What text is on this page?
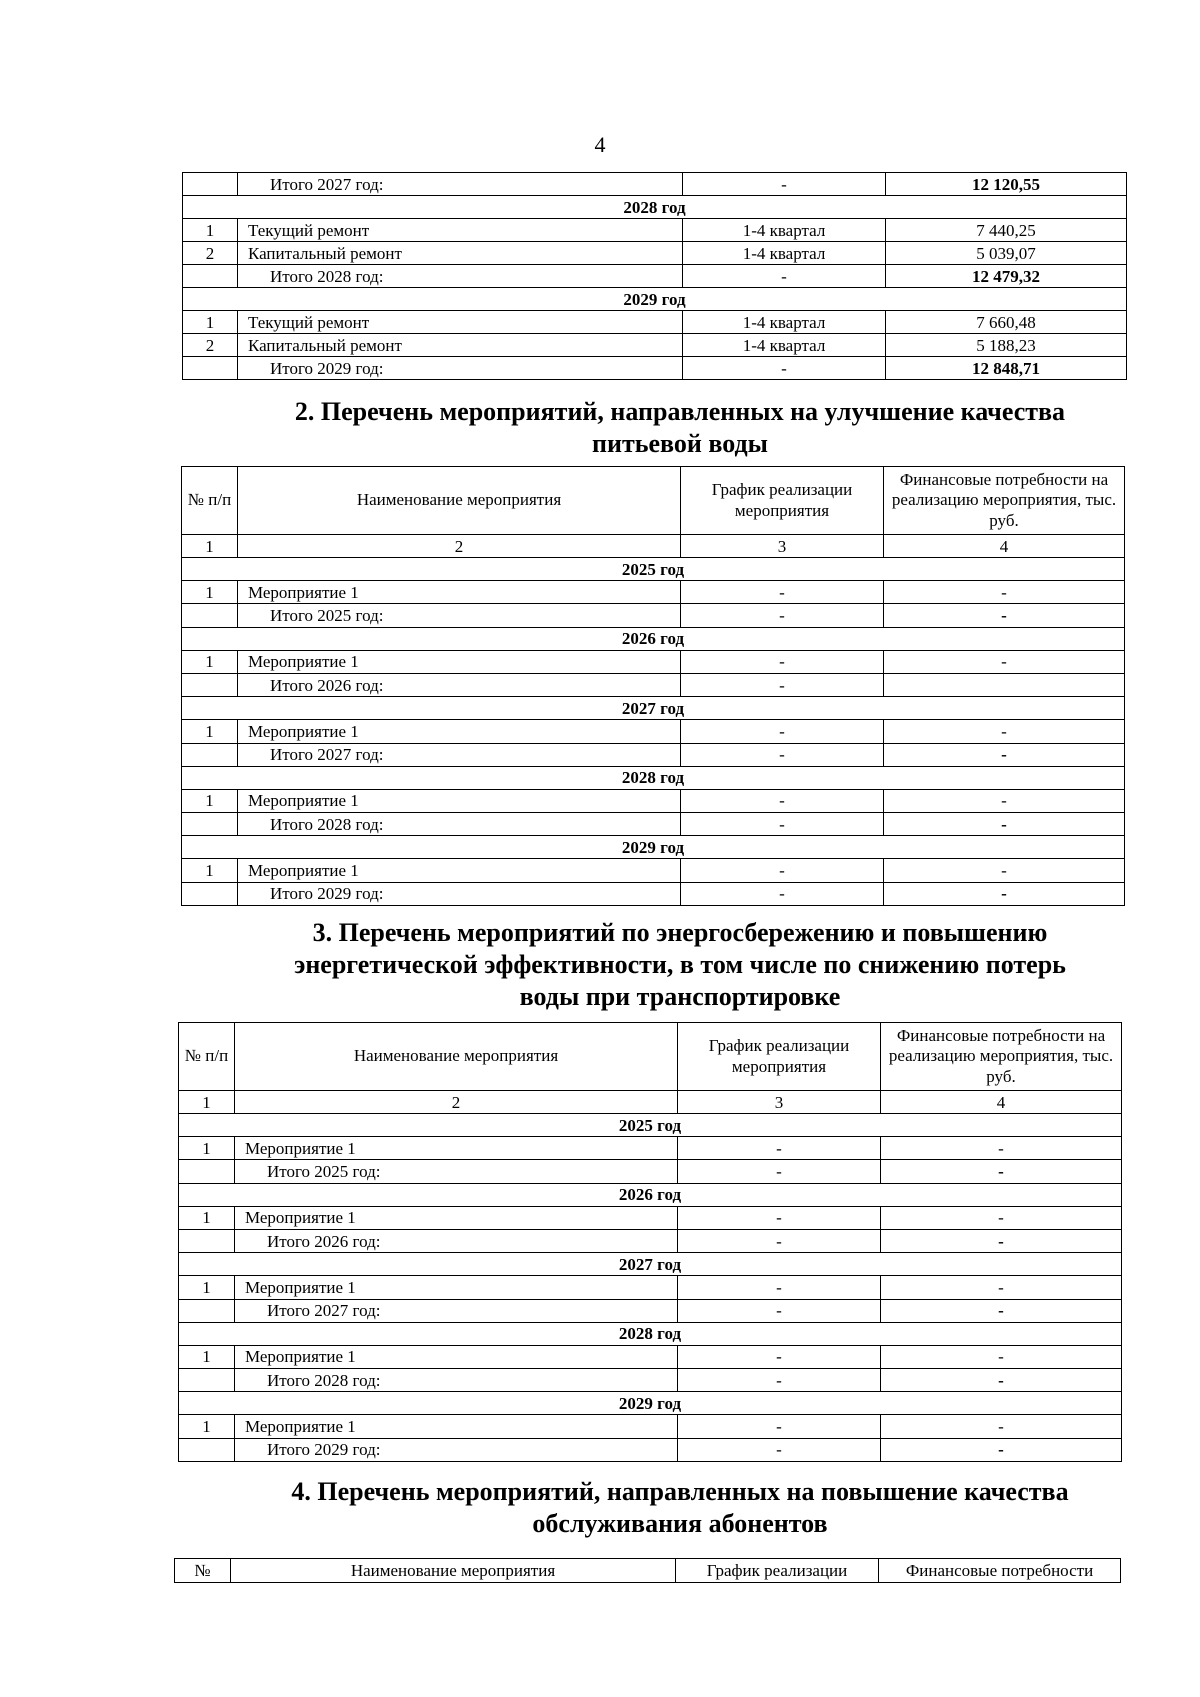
4
	Итого 2027 год:	-	12 120,55
2028 год			
1	Текущий ремонт	1-4 квартал	7 440,25
2	Капитальный ремонт	1-4 квартал	5 039,07
	Итого 2028 год:	-	12 479,32
2029 год			
1	Текущий ремонт	1-4 квартал	7 660,48
2	Капитальный ремонт	1-4 квартал	5 188,23
	Итого 2029 год:	-	12 848,71
2. Перечень мероприятий, направленных на улучшение качества
питьевой воды
№ п/п	Наименование мероприятия	График реализации мероприятия	Финансовые потребности на реализацию мероприятия, тыс. руб.
1	2	3	4
2025 год			
1	Мероприятие 1	-	-
	Итого 2025 год:	-	-
2026 год			
1	Мероприятие 1	-	-
	Итого 2026 год:	-	
2027 год			
1	Мероприятие 1	-	-
	Итого 2027 год:	-	-
2028 год			
1	Мероприятие 1	-	-
	Итого 2028 год:	-	-
2029 год			
1	Мероприятие 1	-	-
	Итого 2029 год:	-	-
3. Перечень мероприятий по энергосбережению и повышению
энергетической эффективности, в том числе по снижению потерь
воды при транспортировке
№ п/п	Наименование мероприятия	График реализации мероприятия	Финансовые потребности на реализацию мероприятия, тыс. руб.
1	2	3	4
2025 год			
1	Мероприятие 1	-	-
	Итого 2025 год:	-	-
2026 год			
1	Мероприятие 1	-	-
	Итого 2026 год:	-	-
2027 год			
1	Мероприятие 1	-	-
	Итого 2027 год:	-	-
2028 год			
1	Мероприятие 1	-	-
	Итого 2028 год:	-	-
2029 год			
1	Мероприятие 1	-	-
	Итого 2029 год:	-	-
4. Перечень мероприятий, направленных на повышение качества
обслуживания абонентов
№	Наименование мероприятия	График реализации	Финансовые потребности
